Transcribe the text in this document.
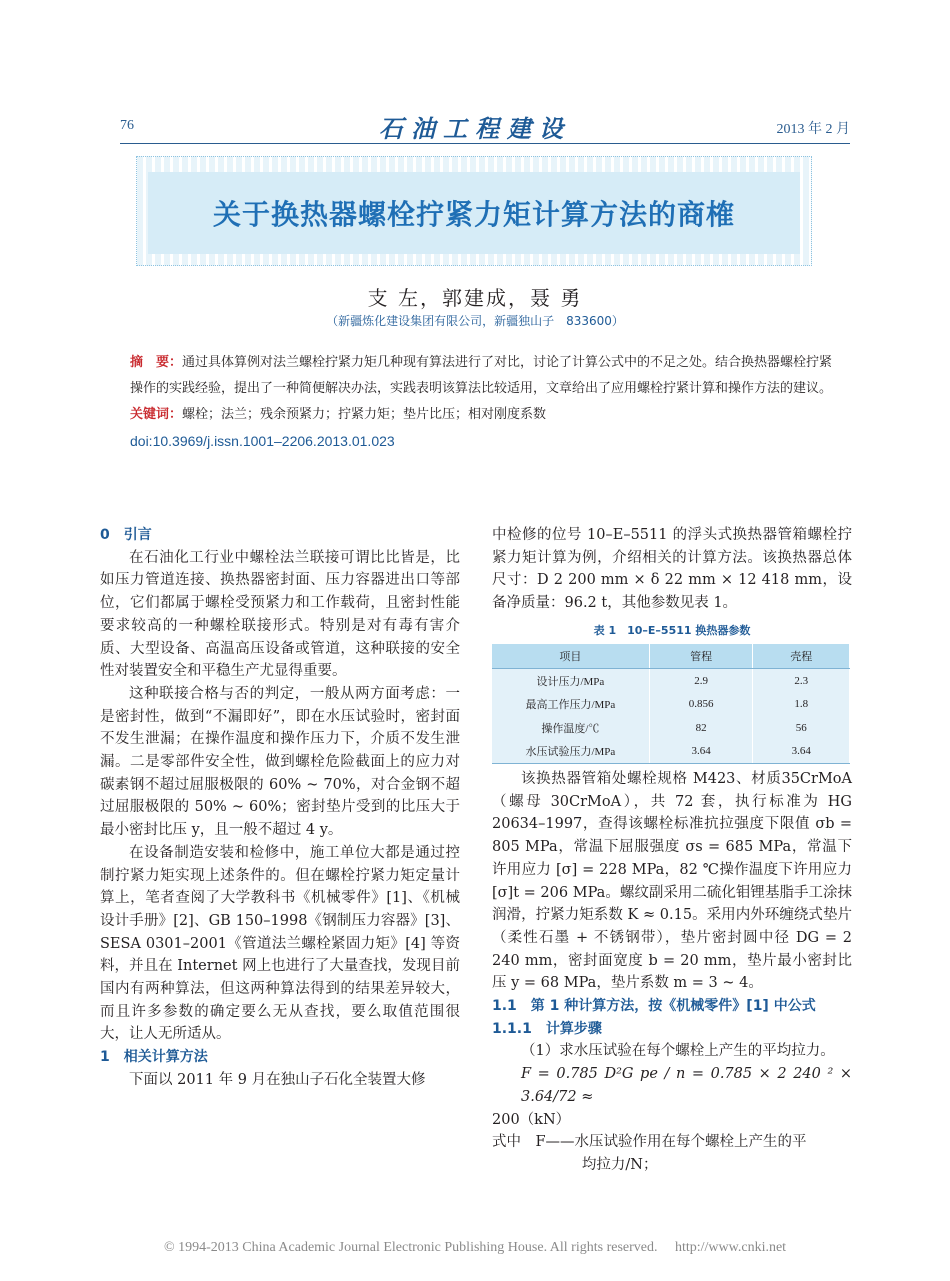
76	石油工程建设	2013 年 2 月
关于换热器螺栓拧紧力矩计算方法的商榷
支 左，郭建成，聂 勇
（新疆炼化建设集团有限公司，新疆独山子　833600）
摘　要：通过具体算例对法兰螺栓拧紧力矩几种现有算法进行了对比，讨论了计算公式中的不足之处。结合换热器螺栓拧紧操作的实践经验，提出了一种简便解决办法，实践表明该算法比较适用，文章给出了应用螺栓拧紧计算和操作方法的建议。
关键词：螺栓；法兰；残余预紧力；拧紧力矩；垫片比压；相对刚度系数
doi:10.3969/j.issn.1001–2206.2013.01.023

0　引言

在石油化工行业中螺栓法兰联接可谓比比皆是，比如压力管道连接、换热器密封面、压力容器进出口等部位，它们都属于螺栓受预紧力和工作载荷，且密封性能要求较高的一种螺栓联接形式。特别是对有毒有害介质、大型设备、高温高压设备或管道，这种联接的安全性对装置安全和平稳生产尤显得重要。

这种联接合格与否的判定，一般从两方面考虑：一是密封性，做到“不漏即好”，即在水压试验时，密封面不发生泄漏；在操作温度和操作压力下，介质不发生泄漏。二是零部件安全性，做到螺栓危险截面上的应力对碳素钢不超过屈服极限的 60% ~ 70%，对合金钢不超过屈服极限的 50% ~ 60%；密封垫片受到的比压大于最小密封比压 y，且一般不超过 4 y。

在设备制造安装和检修中，施工单位大都是通过控制拧紧力矩实现上述条件的。但在螺栓拧紧力矩定量计算上，笔者查阅了大学教科书《机械零件》[1]、《机械设计手册》[2]、GB 150–1998《钢制压力容器》[3]、SESA 0301–2001《管道法兰螺栓紧固力矩》[4] 等资料，并且在 Internet 网上也进行了大量查找，发现目前国内有两种算法，但这两种算法得到的结果差异较大，而且许多参数的确定要么无从查找，要么取值范围很大，让人无所适从。

1　相关计算方法

下面以 2011 年 9 月在独山子石化全装置大修

中检修的位号 10–E–5511 的浮头式换热器管箱螺栓拧紧力矩计算为例，介绍相关的计算方法。该换热器总体尺寸：D 2 200 mm × δ 22 mm × 12 418 mm，设备净质量：96.2 t，其他参数见表 1。

表 1　10–E–5511 换热器参数
项目	管程	壳程
设计压力/MPa	2.9	2.3
最高工作压力/MPa	0.856	1.8
操作温度/℃	82	56
水压试验压力/MPa	3.64	3.64

该换热器管箱处螺栓规格 M423、材质35CrMoA（螺母 30CrMoA），共 72 套，执行标准为 HG 20634–1997，查得该螺栓标准抗拉强度下限值 σb = 805 MPa，常温下屈服强度 σs = 685 MPa，常温下许用应力 [σ] = 228 MPa，82 ℃操作温度下许用应力 [σ]t = 206 MPa。螺纹副采用二硫化钼锂基脂手工涂抹润滑，拧紧力矩系数 K ≈ 0.15。采用内外环缠绕式垫片（柔性石墨 + 不锈钢带），垫片密封圆中径 DG = 2 240 mm，密封面宽度 b = 20 mm，垫片最小密封比压 y = 68 MPa，垫片系数 m = 3 ~ 4。

1.1　第 1 种计算方法，按《机械零件》[1] 中公式

1.1.1　计算步骤

（1）求水压试验在每个螺栓上产生的平均拉力。

F = 0.785 D²G pe / n = 0.785 × 2 240 ² × 3.64/72 ≈

200（kN）

式中　F——水压试验作用在每个螺栓上产生的平

均拉力/N；

© 1994-2013 China Academic Journal Electronic Publishing House. All rights reserved.　 http://www.cnki.net
